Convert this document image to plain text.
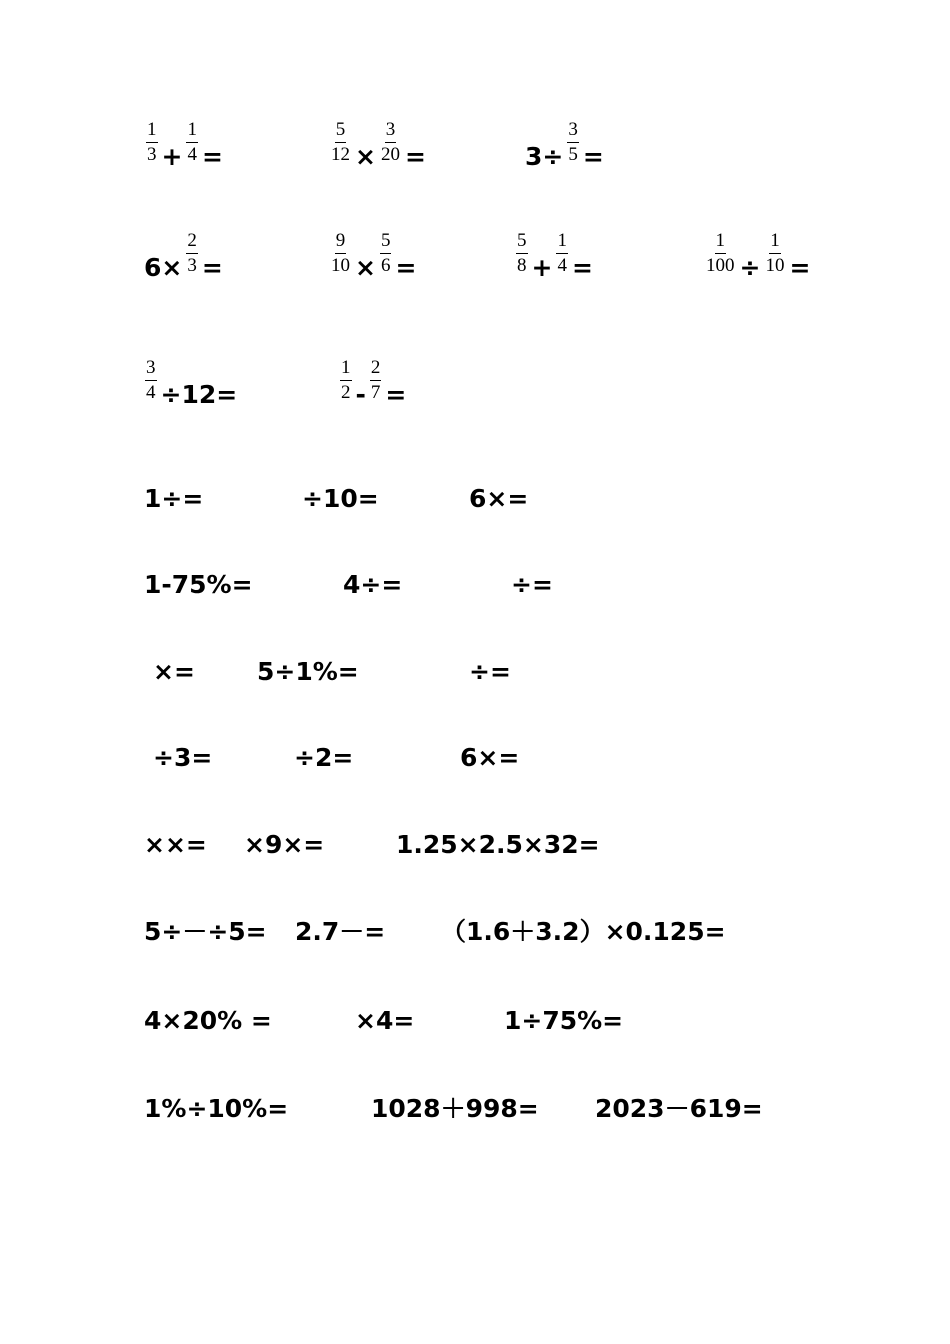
$\frac{1}{3} + \frac{1}{4}$ =	$\frac{5}{12} \times \frac{3}{20}$ =	$3\div \frac{3}{5}$ =
$6\times \frac{2}{3}$ =	$\frac{9}{10} \times \frac{5}{6}$ =	$\frac{5}{8} + \frac{1}{4}$ =	$\frac{1}{100} \div \frac{1}{10}$ =
$\frac{3}{4} \div 12=$	$\frac{1}{2} - \frac{2}{7}$ =
1÷=	÷10=	6×=
1-75%=	4÷=	÷=
×= 5÷1%=	÷=
÷3=	÷2=	6×=
××= ×9×=	1.25×2.5×32=
5÷－÷5= 2.7－= （1.6＋3.2）×0.125=
4×20% =	×4=	1÷75%=
1%÷10%=	1028＋998= 2023－619=
